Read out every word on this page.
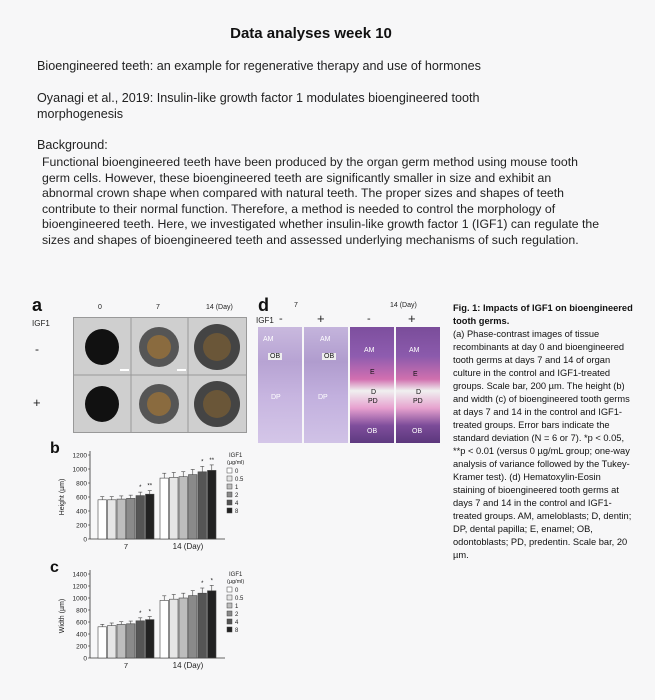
Data analyses week 10
Bioengineered teeth: an example for regenerative therapy and use of hormones
Oyanagi et al., 2019: Insulin-like growth factor 1 modulates bioengineered tooth
morphogenesis
Background:
Functional bioengineered teeth have been produced by the organ germ method using mouse tooth germ cells. However, these bioengineered teeth are significantly smaller in size and exhibit an abnormal crown shape when compared with natural teeth. The proper sizes and shapes of teeth contribute to their normal function. Therefore, a method is needed to control the morphology of bioengineered teeth. Here, we investigated whether insulin-like growth factor 1 (IGF1) can regulate the sizes and shapes of bioengineered teeth and assessed underlying mechanisms of such regulation.
a
IGF1
0	7	14 (Day)
-
+
d
IGF1 -	+
7
-	+
14 (Day)
AM
OB
DP
AM
OB
DP
AM
E
D
PD
OB
AM
E
D
PD
OB
Fig. 1: Impacts of IGF1 on bioengineered tooth germs.
(a) Phase-contrast images of tissue recombinants at day 0 and bioengineered tooth germs at days 7 and 14 of organ culture in the control and IGF1-treated groups. Scale bar, 200 µm. The height (b) and width (c) of bioengineered tooth germs at days 7 and 14 in the control and IGF1-treated groups. Error bars indicate the standard deviation (N = 6 or 7). *p < 0.05, **p < 0.01 (versus 0 µg/mL group; one-way analysis of variance followed by the Tukey-Kramer test). (d) Hematoxylin-Eosin staining of bioengineered tooth germs at days 7 and 14 in the control and IGF1-treated groups. AM, ameloblasts; D, dentin; DP, dental papilla; E, enamel; OB, odontoblasts; PD, predentin. Scale bar, 20 µm.
b 1200
1000
800
600
400
200
0
Height (µm)	* **
* **
7	14 (Day)
IGF1
(µg/ml)
0
0.5
1
2
4
8
c 1400
1200
1000
800
600
400
200
0
Width (µm)	* *
* *
7	14 (Day)
IGF1
(µg/ml)
0
0.5
1
2
4
8
